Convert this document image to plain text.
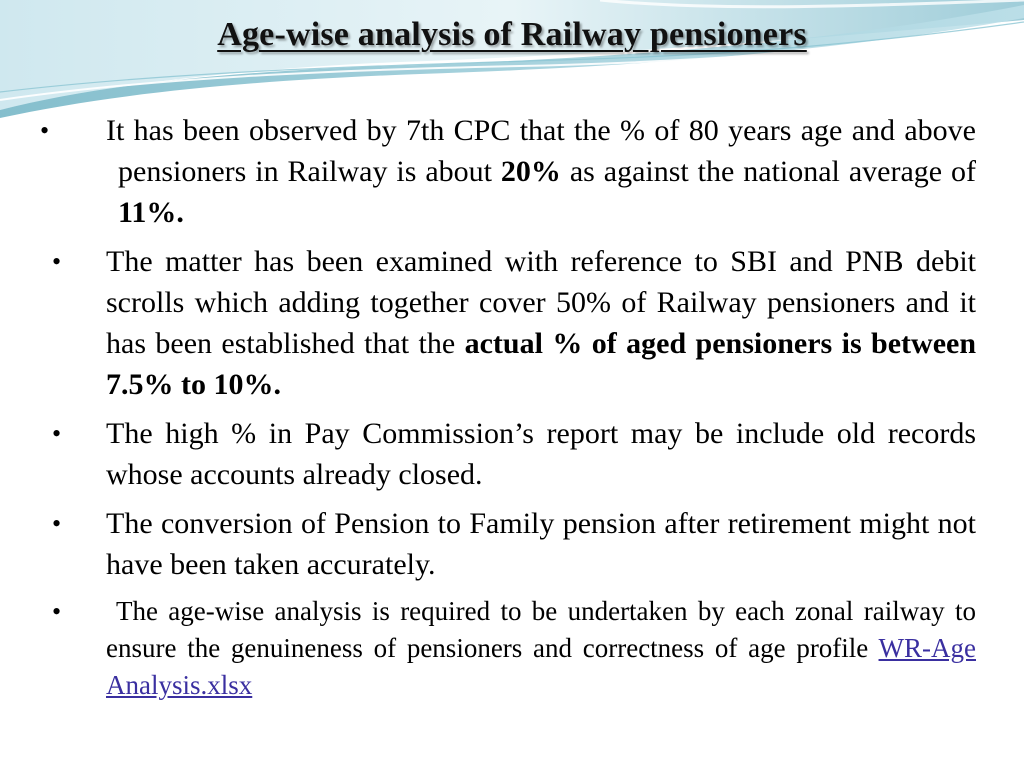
Age-wise analysis of Railway pensioners
• It has been observed by 7th CPC that the % of 80 years age and above pensioners in Railway is about 20% as against the national average of 11%.
• The matter has been examined with reference to SBI and PNB debit scrolls which adding together cover 50% of Railway pensioners and it has been established that the actual % of aged pensioners is between 7.5% to 10%.
• The high % in Pay Commission’s report may be include old records whose accounts already closed.
• The conversion of Pension to Family pension after retirement might not have been taken accurately.
• The age-wise analysis is required to be undertaken by each zonal railway to ensure the genuineness of pensioners and correctness of age profile WR-Age Analysis.xlsx
